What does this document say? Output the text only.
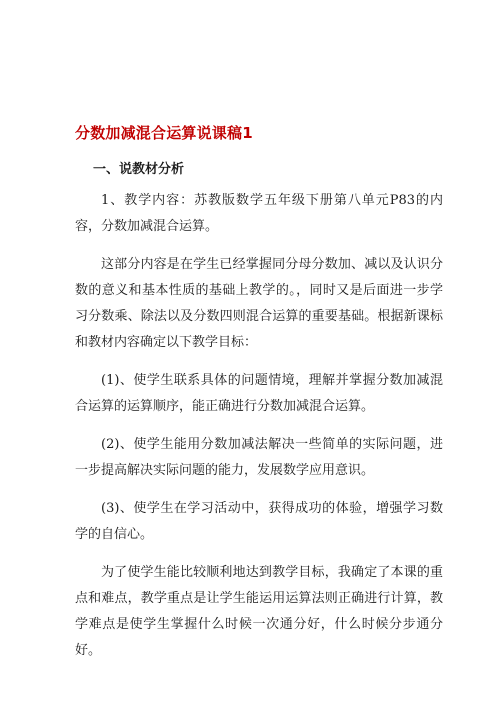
分数加减混合运算说课稿1
一、说教材分析

1、教学内容：苏教版数学五年级下册第八单元P83的内容，分数加减混合运算。

这部分内容是在学生已经掌握同分母分数加、减以及认识分数的意义和基本性质的基础上教学的。，同时又是后面进一步学习分数乘、除法以及分数四则混合运算的重要基础。根据新课标和教材内容确定以下教学目标：

(1)、使学生联系具体的问题情境，理解并掌握分数加减混合运算的运算顺序，能正确进行分数加减混合运算。

(2)、使学生能用分数加减法解决一些简单的实际问题，进一步提高解决实际问题的能力，发展数学应用意识。

(3)、使学生在学习活动中，获得成功的体验，增强学习数学的自信心。

为了使学生能比较顺利地达到教学目标，我确定了本课的重点和难点，教学重点是让学生能运用运算法则正确进行计算，教学难点是使学生掌握什么时候一次通分好，什么时候分步通分 好。
